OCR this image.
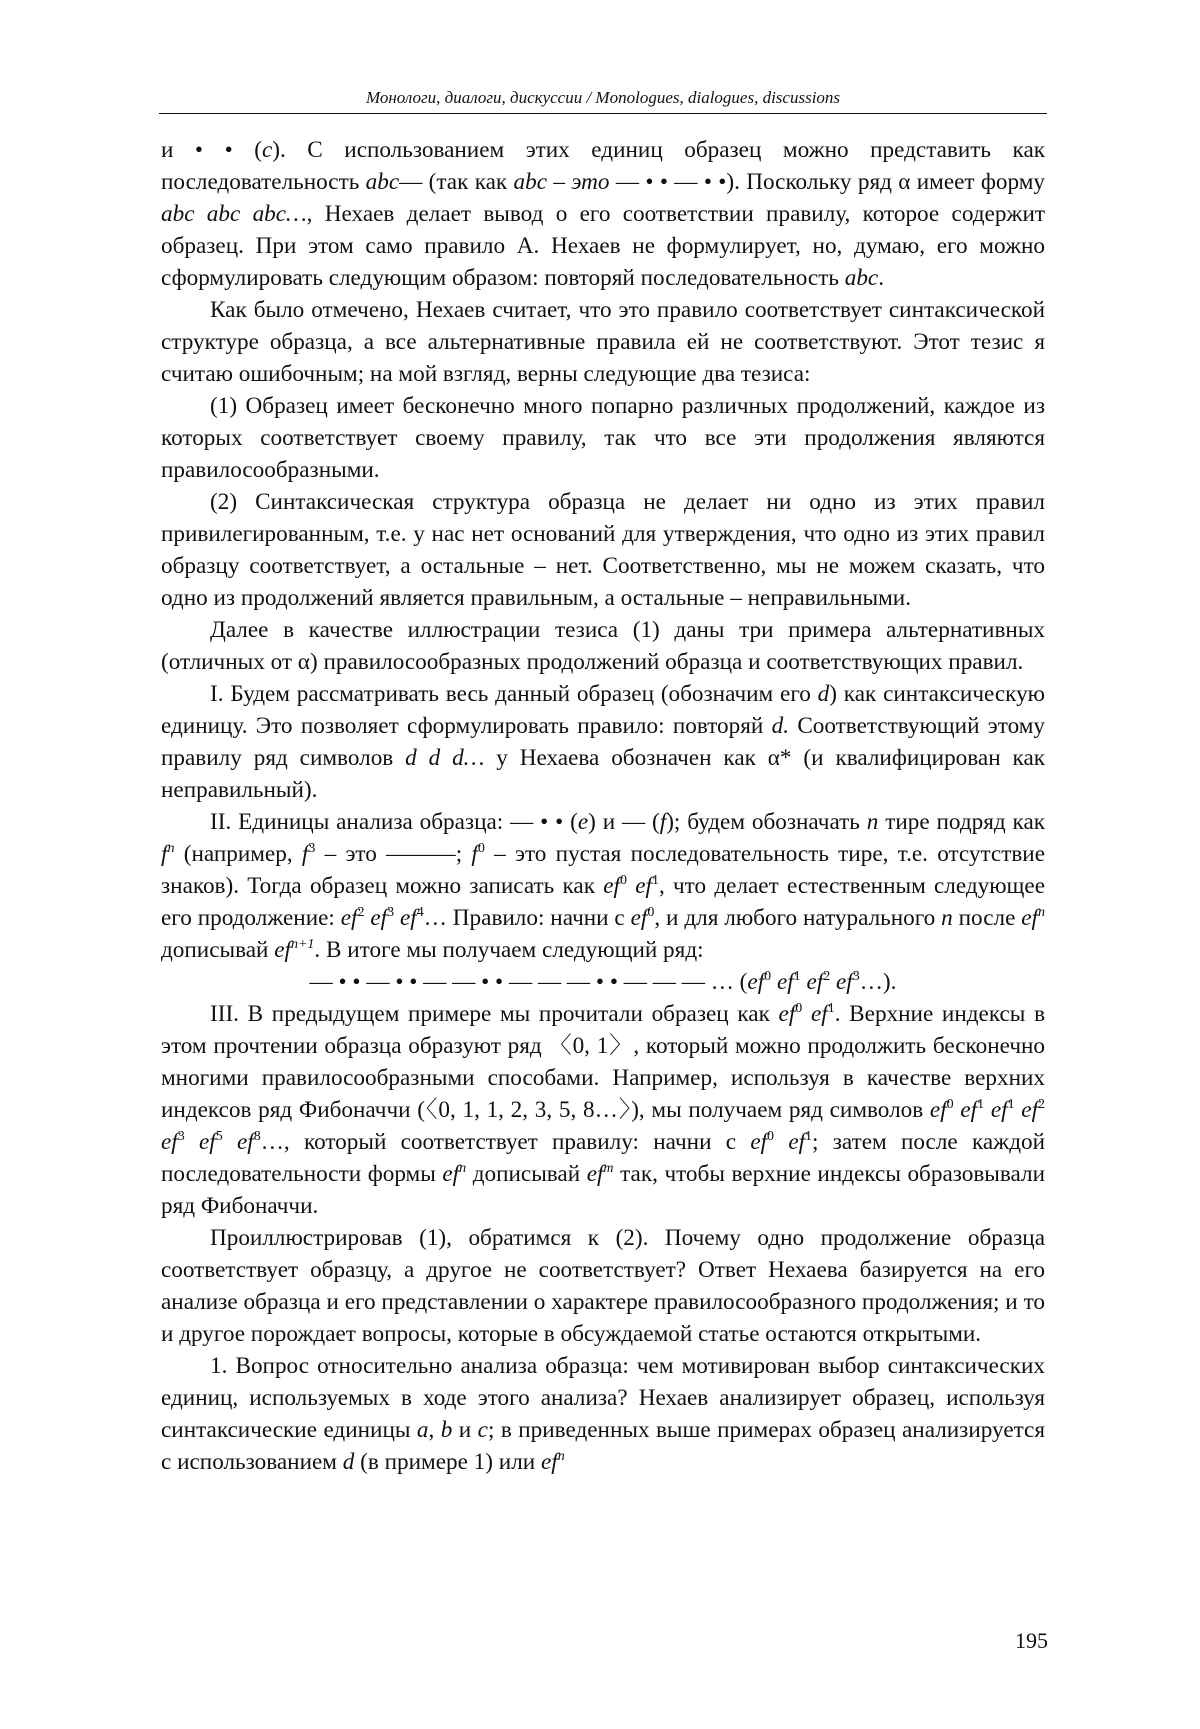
Монологи, диалоги, дискуссии / Monologues, dialogues, discussions

и • • (c). С использованием этих единиц образец можно представить как последовательность abc— (так как abc – это — • • — • •). Поскольку ряд α имеет форму abc abc abc…, Нехаев делает вывод о его соответствии правилу, которое содержит образец. При этом само правило А. Нехаев не формулирует, но, думаю, его можно сформулировать следующим образом: повторяй последовательность abc.

Как было отмечено, Нехаев считает, что это правило соответствует синтаксической структуре образца, а все альтернативные правила ей не соответствуют. Этот тезис я считаю ошибочным; на мой взгляд, верны следующие два тезиса:

(1) Образец имеет бесконечно много попарно различных продолжений, каждое из которых соответствует своему правилу, так что все эти продолжения являются правилосообразными.

(2) Синтаксическая структура образца не делает ни одно из этих правил привилегированным, т.е. у нас нет оснований для утверждения, что одно из этих правил образцу соответствует, а остальные – нет. Соответственно, мы не можем сказать, что одно из продолжений является правильным, а остальные – неправильными.

Далее в качестве иллюстрации тезиса (1) даны три примера альтернативных (отличных от α) правилосообразных продолжений образца и соответствующих правил.

I. Будем рассматривать весь данный образец (обозначим его d) как синтаксическую единицу. Это позволяет сформулировать правило: повторяй d. Соответствующий этому правилу ряд символов d d d… у Нехаева обозначен как α* (и квалифицирован как неправильный).

II. Единицы анализа образца: — • • (e) и — (f); будем обозначать n тире подряд как $f^n$ (например, $f^3$ – это ———; $f^0$ – это пустая последовательность тире, т.е. отсутствие знаков). Тогда образец можно записать как $ef^0$ $ef^1$, что делает естественным следующее его продолжение: $ef^2$ $ef^3$ $ef^4\dots$ Правило: начни с $ef^0$, и для любого натурального n после $ef^n$ дописывай $ef^{n+1}$. В итоге мы получаем следующий ряд:

— • • — • • — — • • — — — • • — — — … ($ef^0$ $ef^1$ $ef^2$ $ef^3\dots$).

III. В предыдущем примере мы прочитали образец как $ef^0$ $ef^1$. Верхние индексы в этом прочтении образца образуют ряд 〈0, 1〉, который можно продолжить бесконечно многими правилосообразными способами. Например, используя в качестве верхних индексов ряд Фибоначчи (〈0, 1, 1, 2, 3, 5, 8…〉), мы получаем ряд символов $ef^0$ $ef^1$ $ef^1$ $ef^2$ $ef^3$ $ef^5$ $ef^8\dots$, который соответствует правилу: начни с $ef^0$ $ef^1$; затем после каждой последовательности формы $ef^n$ дописывай $ef^m$ так, чтобы верхние индексы образовывали ряд Фибоначчи.

Проиллюстрировав (1), обратимся к (2). Почему одно продолжение образца соответствует образцу, а другое не соответствует? Ответ Нехаева базируется на его анализе образца и его представлении о характере правилосообразного продолжения; и то и другое порождает вопросы, которые в обсуждаемой статье остаются открытыми.

1. Вопрос относительно анализа образца: чем мотивирован выбор синтаксических единиц, используемых в ходе этого анализа? Нехаев анализирует образец, используя синтаксические единицы a, b и c; в приведенных выше примерах образец анализируется с использованием d (в примере 1) или $ef^n$

195
